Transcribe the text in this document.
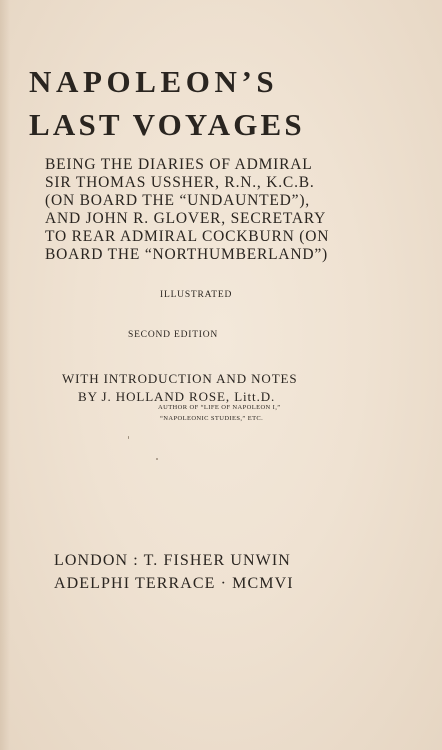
NAPOLEON’S
LAST VOYAGES

BEING THE DIARIES OF ADMIRAL

SIR THOMAS USSHER, R.N., K.C.B.

(ON BOARD THE “UNDAUNTED”),

AND JOHN R. GLOVER, SECRETARY

TO REAR ADMIRAL COCKBURN (ON

ILLUSTRATED

SECOND EDITION

WITH INTRODUCTION AND NOTES

BY J. HOLLAND ROSE, Litt.D.

AUTHOR OF “LIFE OF NAPOLEON I,”

“NAPOLEONIC STUDIES,” ETC.

LONDON : T. FISHER UNWIN

ADELPHI TERRACE · MCMVI

BOARD THE “NORTHUMBERLAND”)
